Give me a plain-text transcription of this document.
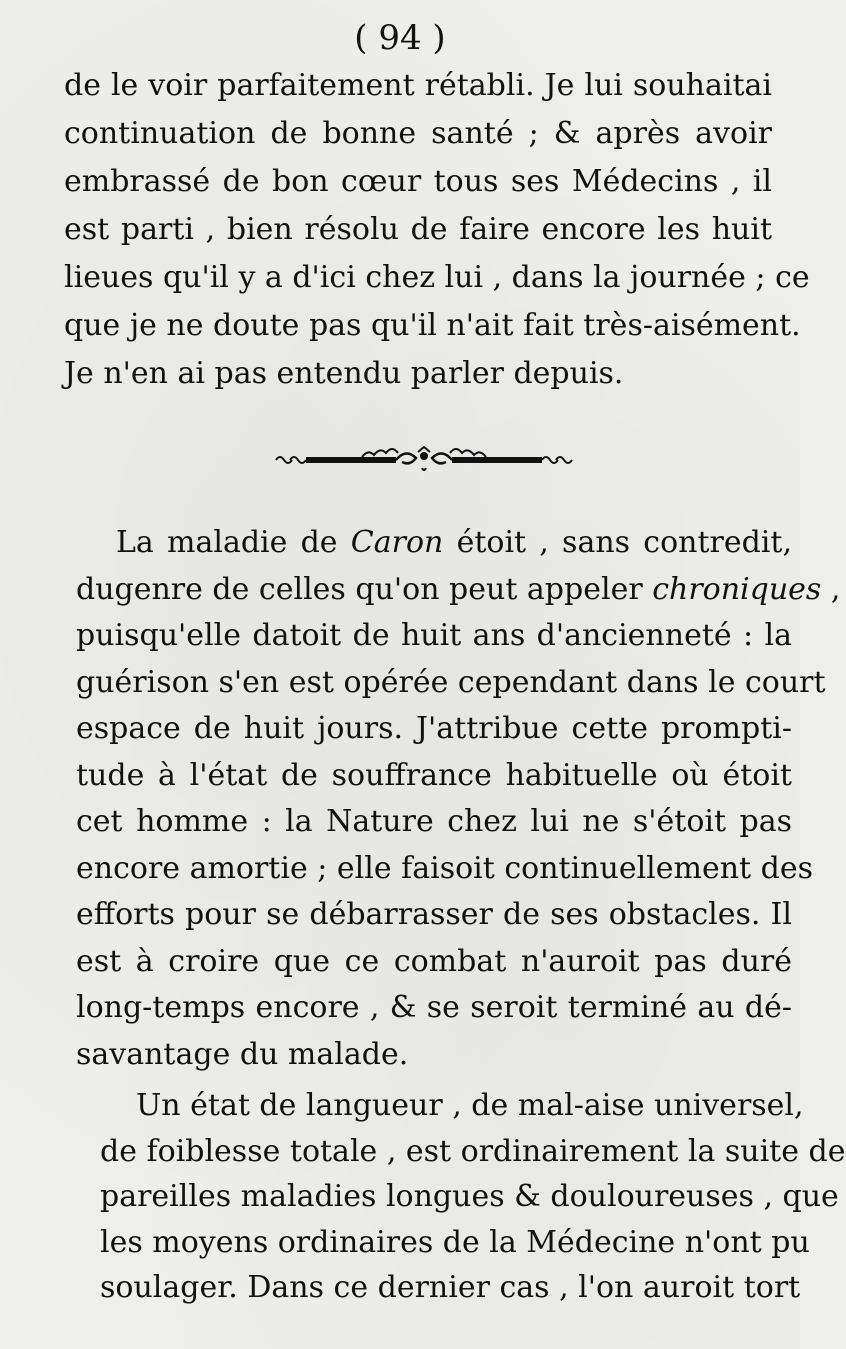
( 94 )
de le voir parfaitement rétabli. Je lui souhaitai
continuation de bonne santé ; & après avoir
embrassé de bon cœur tous ses Médecins , il
est parti , bien résolu de faire encore les huit
lieues qu'il y a d'ici chez lui , dans la journée ; ce
que je ne doute pas qu'il n'ait fait très-aisément.
Je n'en ai pas entendu parler depuis.
La maladie de Caron étoit , sans contredit,
dugenre de celles qu'on peut appeler chroniques ,
puisqu'elle datoit de huit ans d'ancienneté : la
guérison s'en est opérée cependant dans le court
espace de huit jours. J'attribue cette prompti-
tude à l'état de souffrance habituelle où étoit
cet homme : la Nature chez lui ne s'étoit pas
encore amortie ; elle faisoit continuellement des
efforts pour se débarrasser de ses obstacles. Il
est à croire que ce combat n'auroit pas duré
long-temps encore , & se seroit terminé au dé-
savantage du malade.
Un état de langueur , de mal-aise universel,
de foiblesse totale , est ordinairement la suite de
pareilles maladies longues & douloureuses , que
les moyens ordinaires de la Médecine n'ont pu
soulager. Dans ce dernier cas , l'on auroit tort
